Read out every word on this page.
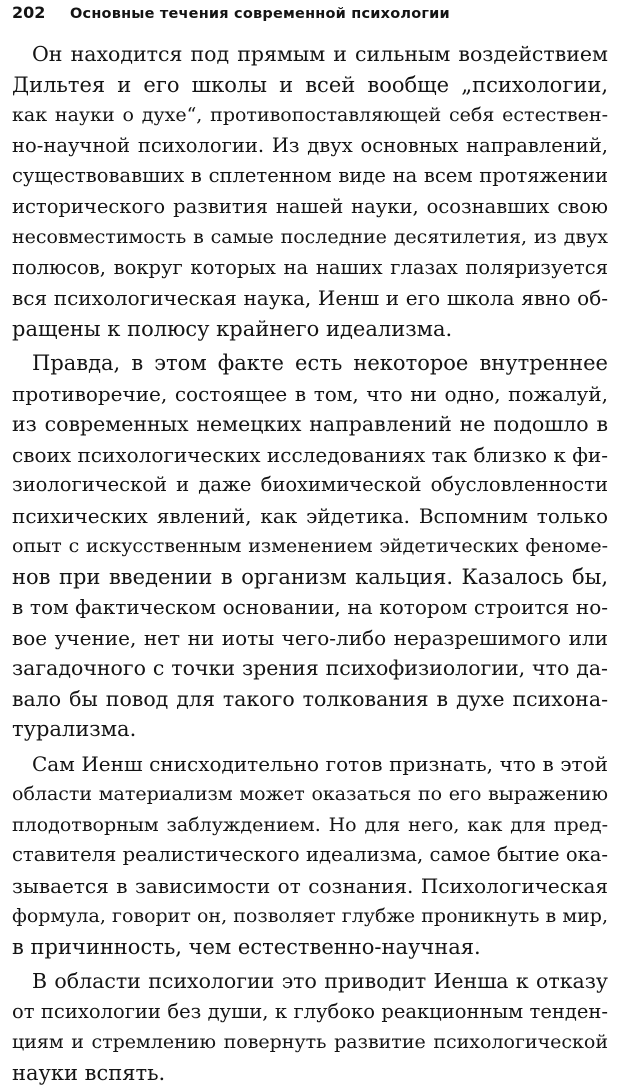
202	Основные течения современной психологии
Он находится под прямым и сильным воздействием
Дильтея и его школы и всей вообще „психологии,
как науки о духе“, противопоставляющей себя естествен-
но-научной психологии. Из двух основных направлений,
существовавших в сплетенном виде на всем протяжении
исторического развития нашей науки, осознавших свою
несовместимость в самые последние десятилетия, из двух
полюсов, вокруг которых на наших глазах поляризуется
вся психологическая наука, Иенш и его школа явно об-
ращены к полюсу крайнего идеализма.
Правда, в этом факте есть некоторое внутреннее
противоречие, состоящее в том, что ни одно, пожалуй,
из современных немецких направлений не подошло в
своих психологических исследованиях так близко к фи-
зиологической и даже биохимической обусловленности
психических явлений, как эйдетика. Вспомним только
опыт с искусственным изменением эйдетических феноме-
нов при введении в организм кальция. Казалось бы,
в том фактическом основании, на котором строится но-
вое учение, нет ни иоты чего-либо неразрешимого или
загадочного с точки зрения психофизиологии, что да-
вало бы повод для такого толкования в духе психона-
турализма.
Сам Иенш снисходительно готов признать, что в этой
области материализм может оказаться по его выражению
плодотворным заблуждением. Но для него, как для пред-
ставителя реалистического идеализма, самое бытие ока-
зывается в зависимости от сознания. Психологическая
формула, говорит он, позволяет глубже проникнуть в мир,
в причинность, чем естественно-научная.
В области психологии это приводит Иенша к отказу
от психологии без души, к глубоко реакционным тенден-
циям и стремлению повернуть развитие психологической
науки вспять.
